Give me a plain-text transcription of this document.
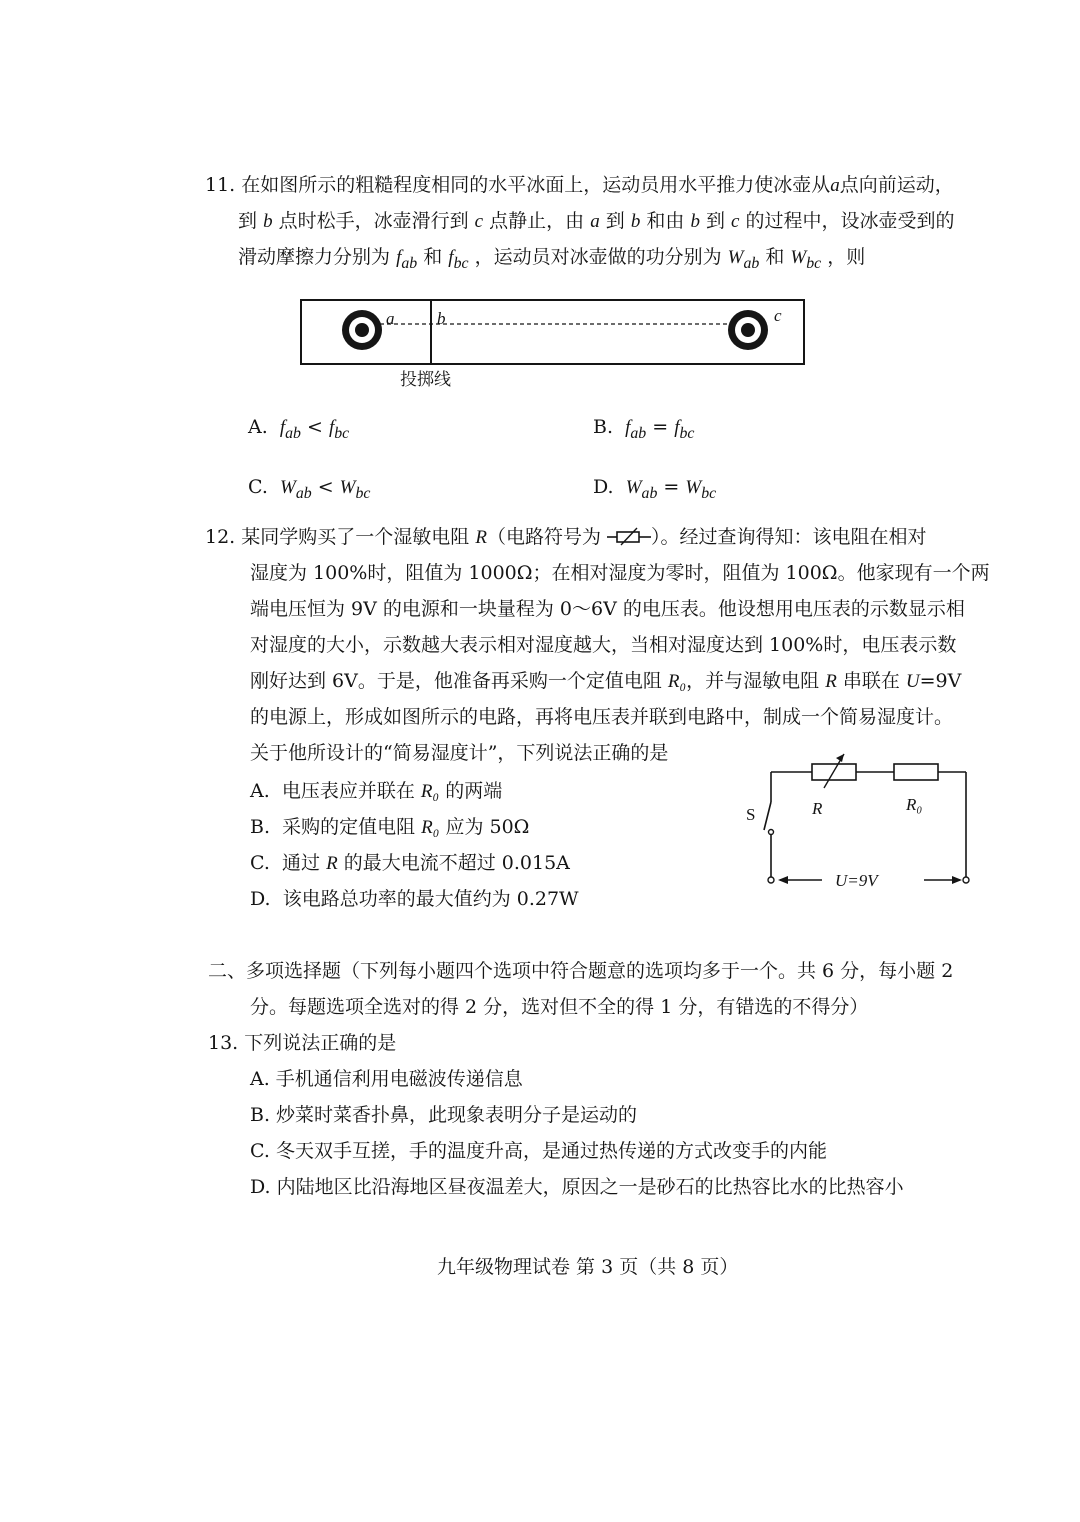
11. 在如图所示的粗糙程度相同的水平冰面上，运动员用水平推力使冰壶从a点向前运动，
到 b 点时松手，冰壶滑行到 c 点静止，由 a 到 b 和由 b 到 c 的过程中，设冰壶受到的
滑动摩擦力分别为 $f_{ab}$ 和 $f_{bc}$ ，运动员对冰壶做的功分别为 $W_{ab}$ 和 $W_{bc}$ ，则
a	b	c
投掷线
A. $f_{ab} < f_{bc}$	B. $f_{ab} = f_{bc}$
C. $W_{ab} < W_{bc}$	D. $W_{ab} = W_{bc}$
12. 某同学购买了一个湿敏电阻 R（电路符号为	）。经过查询得知：该电阻在相对
湿度为 100%时，阻值为 1000Ω；在相对湿度为零时，阻值为 100Ω。他家现有一个两
端电压恒为 9V 的电源和一块量程为 0～6V 的电压表。他设想用电压表的示数显示相
对湿度的大小，示数越大表示相对湿度越大，当相对湿度达到 100%时，电压表示数
刚好达到 6V。于是，他准备再采购一个定值电阻 R₀，并与湿敏电阻 R 串联在 U=9V
的电源上，形成如图所示的电路，再将电压表并联到电路中，制成一个简易湿度计。
关于他所设计的“简易湿度计”，下列说法正确的是
A. 电压表应并联在 R₀ 的两端
B. 采购的定值电阻 R₀ 应为 50Ω
C. 通过 R 的最大电流不超过 0.015A
D. 该电路总功率的最大值约为 0.27W
S	R	R₀
U=9V
二、多项选择题（下列每小题四个选项中符合题意的选项均多于一个。共 6 分，每小题 2
分。每题选项全选对的得 2 分，选对但不全的得 1 分，有错选的不得分）
13. 下列说法正确的是
A. 手机通信利用电磁波传递信息
B. 炒菜时菜香扑鼻，此现象表明分子是运动的
C. 冬天双手互搓，手的温度升高，是通过热传递的方式改变手的内能
D. 内陆地区比沿海地区昼夜温差大，原因之一是砂石的比热容比水的比热容小
九年级物理试卷 第 3 页（共 8 页）
